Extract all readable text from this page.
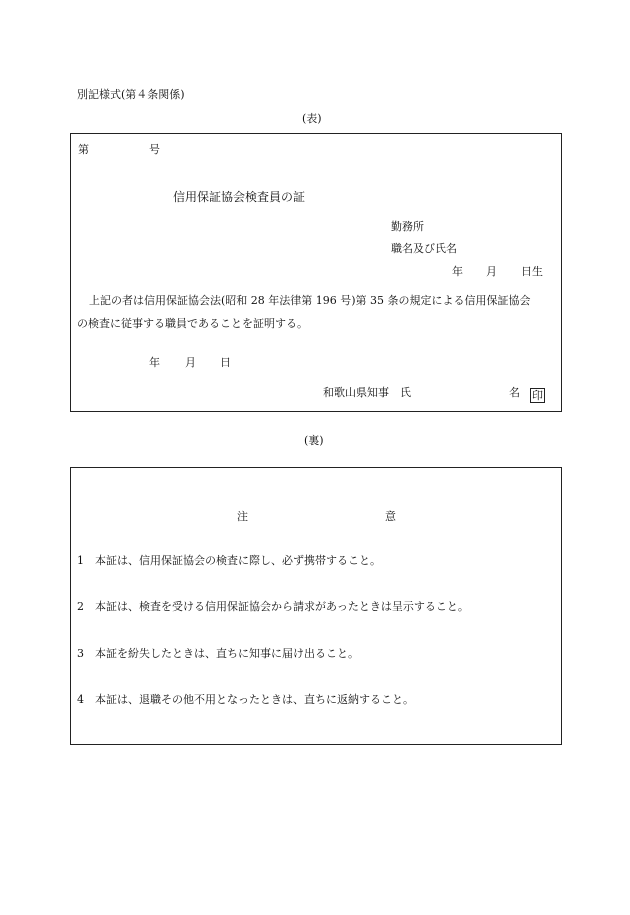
別記様式(第４条関係)
(表)
第	号
信用保証協会検査員の証
勤務所
職名及び氏名
年 月 日生
上記の者は信用保証協会法(昭和 28 年法律第 196 号)第 35 条の規定による信用保証協会
の検査に従事する職員であることを証明する。
年 月 日
和歌山県知事　氏	名 印
(裏)
注	意
1　本証は、信用保証協会の検査に際し、必ず携帯すること。
2　本証は、検査を受ける信用保証協会から請求があったときは呈示すること。
3　本証を紛失したときは、直ちに知事に届け出ること。
4　本証は、退職その他不用となったときは、直ちに返納すること。
